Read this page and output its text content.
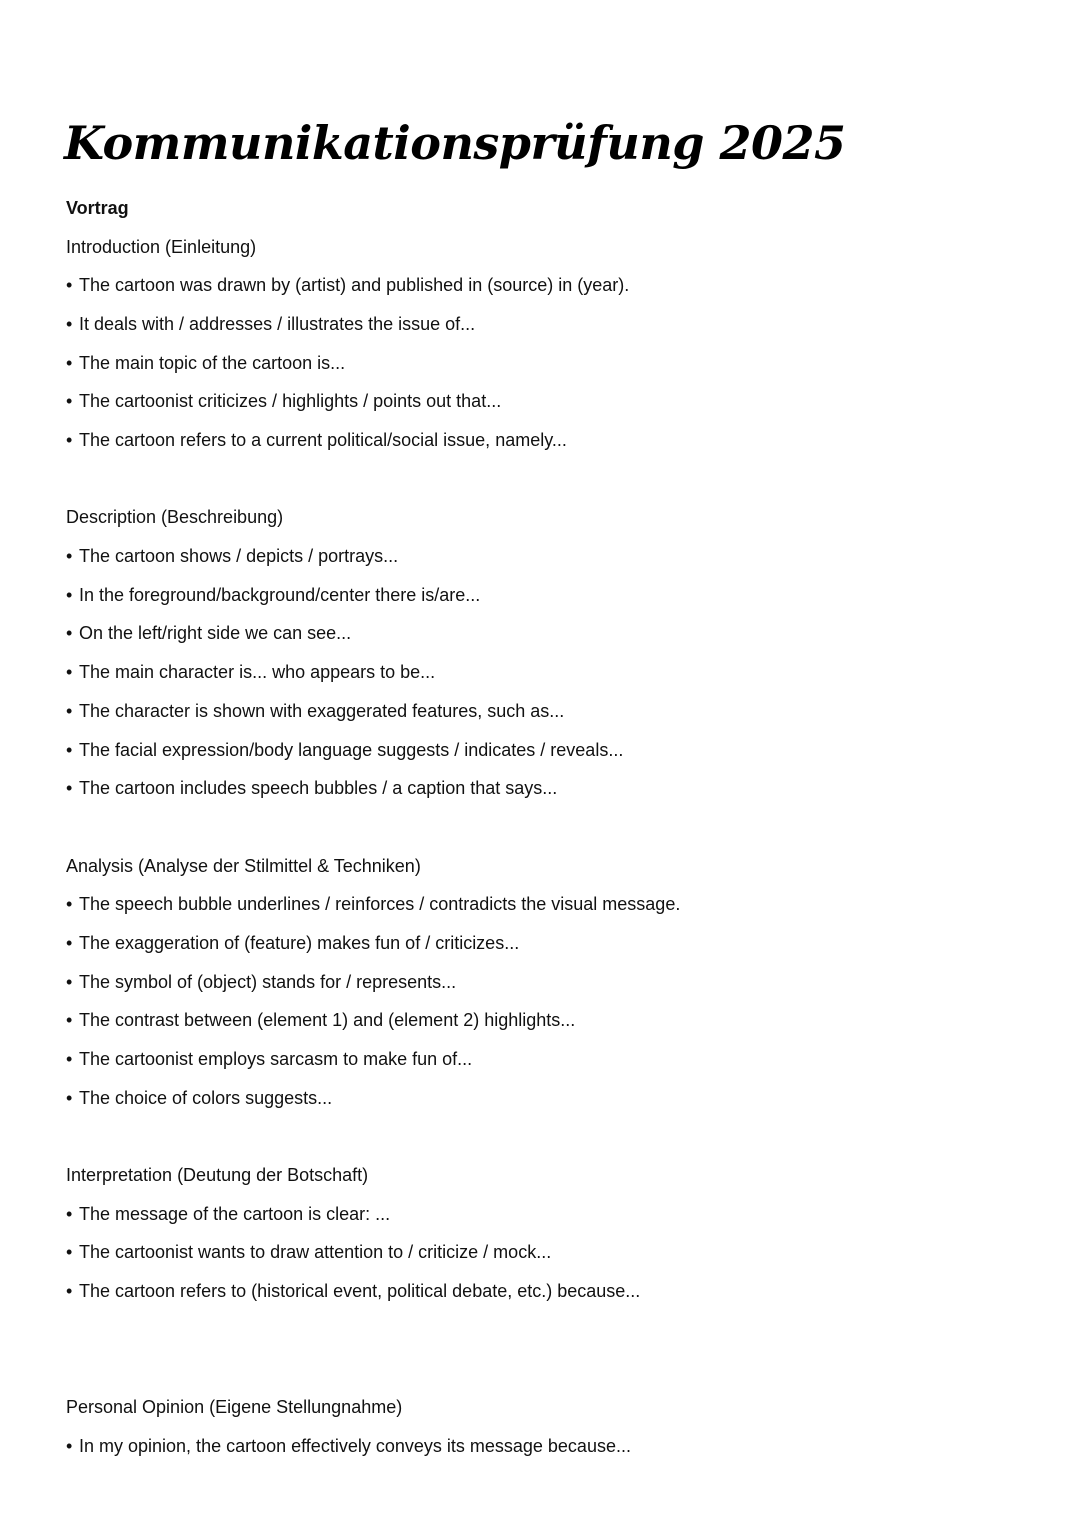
Kommunikationsprüfung 2025
Vortrag
Introduction (Einleitung)
• The cartoon was drawn by (artist) and published in (source) in (year).
• It deals with / addresses / illustrates the issue of...
• The main topic of the cartoon is...
• The cartoonist criticizes / highlights / points out that...
• The cartoon refers to a current political/social issue, namely...
Description (Beschreibung)
• The cartoon shows / depicts / portrays...
• In the foreground/background/center there is/are...
• On the left/right side we can see...
• The main character is... who appears to be...
• The character is shown with exaggerated features, such as...
• The facial expression/body language suggests / indicates / reveals...
• The cartoon includes speech bubbles / a caption that says...
Analysis (Analyse der Stilmittel & Techniken)
• The speech bubble underlines / reinforces / contradicts the visual message.
• The exaggeration of (feature) makes fun of / criticizes...
• The symbol of (object) stands for / represents...
• The contrast between (element 1) and (element 2) highlights...
• The cartoonist employs sarcasm to make fun of...
• The choice of colors suggests...
Interpretation (Deutung der Botschaft)
• The message of the cartoon is clear: ...
• The cartoonist wants to draw attention to / criticize / mock...
• The cartoon refers to (historical event, political debate, etc.) because...
Personal Opinion (Eigene Stellungnahme)
• In my opinion, the cartoon effectively conveys its message because...
